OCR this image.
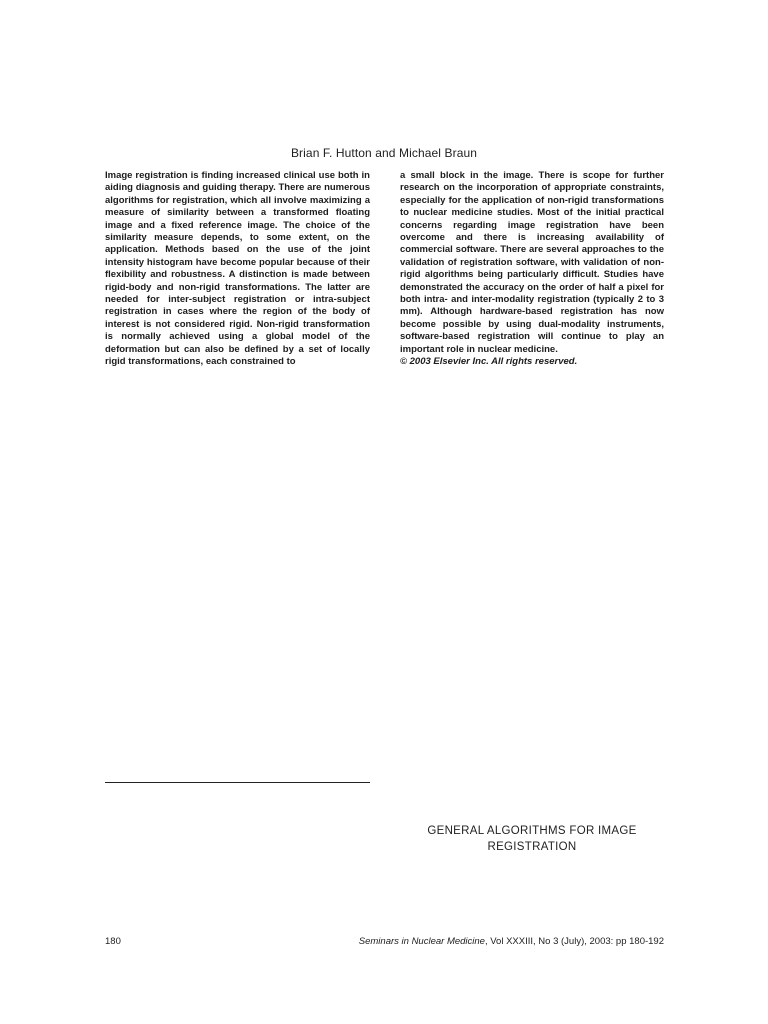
Brian F. Hutton and Michael Braun
Image registration is finding increased clinical use both in aiding diagnosis and guiding therapy. There are numerous algorithms for registration, which all involve maximizing a measure of similarity between a transformed floating image and a fixed reference image. The choice of the similarity measure depends, to some extent, on the application. Methods based on the use of the joint intensity histogram have become popular because of their flexibility and robustness. A distinction is made between rigid-body and non-rigid transformations. The latter are needed for inter-subject registration or intra-subject registration in cases where the region of the body of interest is not considered rigid. Non-rigid transformation is normally achieved using a global model of the deformation but can also be defined by a set of locally rigid transformations, each constrained to
a small block in the image. There is scope for further research on the incorporation of appropriate constraints, especially for the application of non-rigid transformations to nuclear medicine studies. Most of the initial practical concerns regarding image registration have been overcome and there is increasing availability of commercial software. There are several approaches to the validation of registration software, with validation of non-rigid algorithms being particularly difficult. Studies have demonstrated the accuracy on the order of half a pixel for both intra- and inter-modality registration (typically 2 to 3 mm). Although hardware-based registration has now become possible by using dual-modality instruments, software-based registration will continue to play an important role in nuclear medicine.
© 2003 Elsevier Inc. All rights reserved.
GENERAL ALGORITHMS FOR IMAGE REGISTRATION
180	Seminars in Nuclear Medicine, Vol XXXIII, No 3 (July), 2003: pp 180-192
